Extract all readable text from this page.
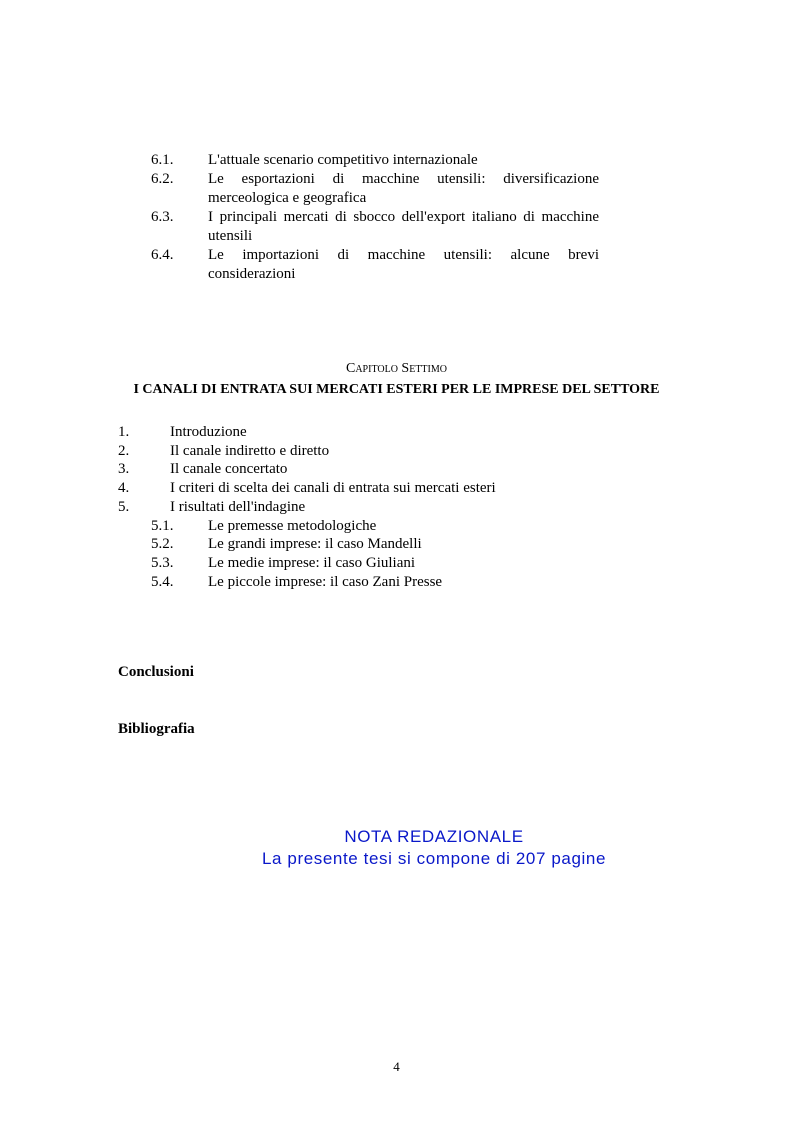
6.1. L'attuale scenario competitivo internazionale
6.2. Le esportazioni di macchine utensili: diversificazione merceologica e geografica
6.3. I principali mercati di sbocco dell'export italiano di macchine utensili
6.4. Le importazioni di macchine utensili: alcune brevi considerazioni
Capitolo Settimo
I CANALI DI ENTRATA SUI MERCATI ESTERI PER LE IMPRESE DEL SETTORE
1.	Introduzione
2.	Il canale indiretto e diretto
3.	Il canale concertato
4.	I criteri di scelta dei canali di entrata sui mercati esteri
5.	I risultati dell'indagine
5.1. Le premesse metodologiche
5.2. Le grandi imprese: il caso Mandelli
5.3. Le medie imprese: il caso Giuliani
5.4. Le piccole imprese: il caso Zani Presse
Conclusioni
Bibliografia
NOTA REDAZIONALE
La presente tesi si compone di 207 pagine
4
